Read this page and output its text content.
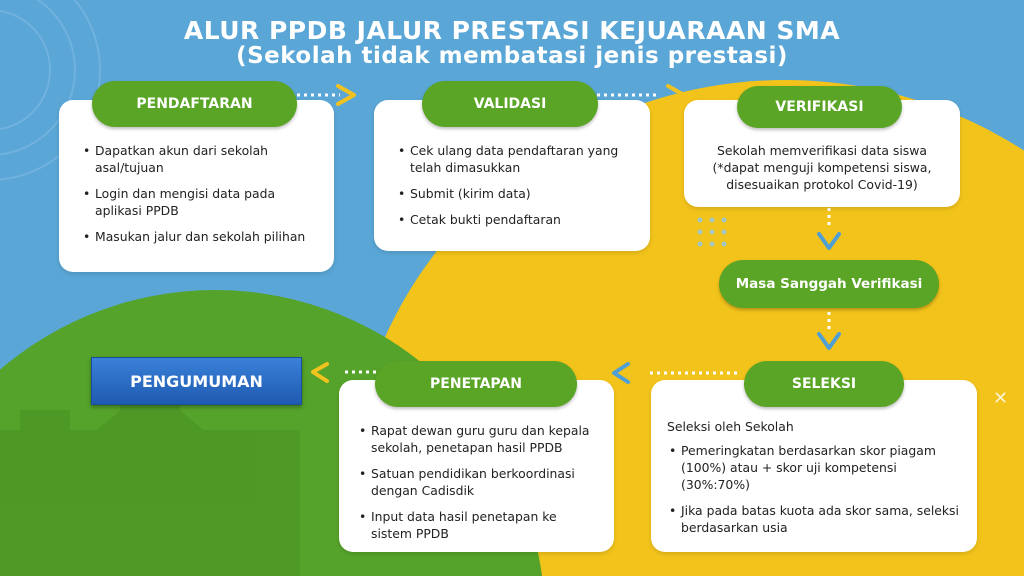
✕
ALUR PPDB JALUR PRESTASI KEJUARAAN SMA
(Sekolah tidak membatasi jenis prestasi)
• Dapatkan akun dari sekolah asal/tujuan
• Login dan mengisi data pada aplikasi PPDB
• Masukan jalur dan sekolah pilihan
PENDAFTARAN
• Cek ulang data pendaftaran yang telah dimasukkan
• Submit (kirim data)
• Cetak bukti pendaftaran
VALIDASI
Sekolah memverifikasi data siswa
(*dapat menguji kompetensi siswa,
disesuaikan protokol Covid-19)
VERIFIKASI
Masa Sanggah Verifikasi
Seleksi oleh Sekolah
• Pemeringkatan berdasarkan skor piagam (100%) atau + skor uji kompetensi (30%:70%)
• Jika pada batas kuota ada skor sama, seleksi berdasarkan usia
SELEKSI
• Rapat dewan guru guru dan kepala sekolah, penetapan hasil PPDB
• Satuan pendidikan berkoordinasi dengan Cadisdik
• Input data hasil penetapan ke sistem PPDB
PENETAPAN
PENGUMUMAN
